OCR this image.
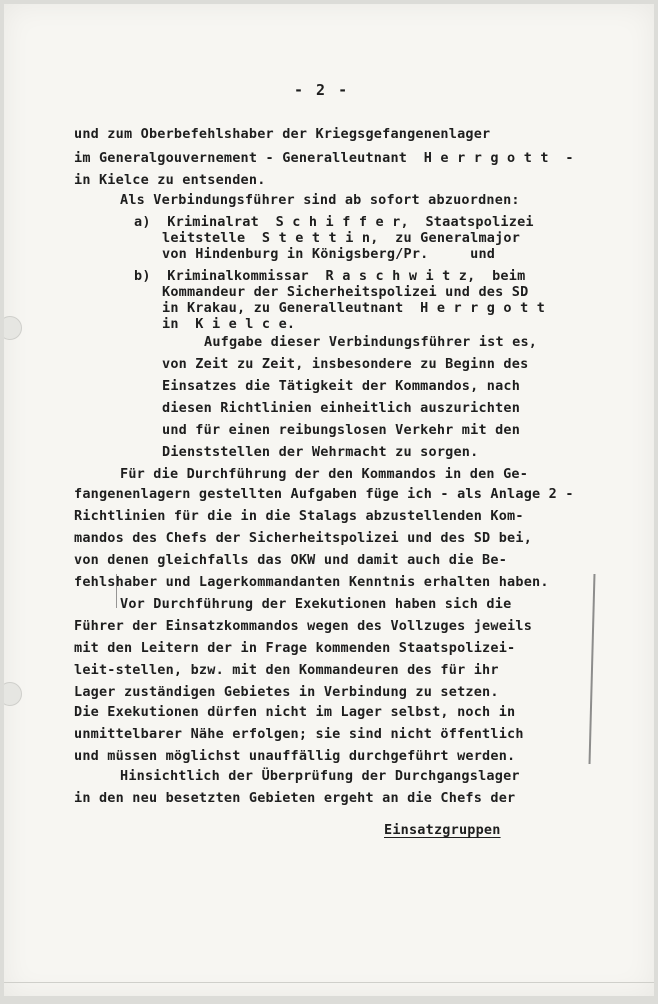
- 2 -
und zum Oberbefehlshaber der Kriegsgefangenenlager
im Generalgouvernement - Generalleutnant  H e r r g o t t  -
in Kielce zu entsenden.
Als Verbindungsführer sind ab sofort abzuordnen:
a)  Kriminalrat  S c h i f f e r,  Staatspolizei
leitstelle  S t e t t i n,  zu Generalmajor
von Hindenburg in Königsberg/Pr.     und
b)  Kriminalkommissar  R a s c h w i t z,  beim
Kommandeur der Sicherheitspolizei und des SD
in Krakau, zu Generalleutnant  H e r r g o t t
in  K i e l c e.
Aufgabe dieser Verbindungsführer ist es,
von Zeit zu Zeit, insbesondere zu Beginn des
Einsatzes die Tätigkeit der Kommandos, nach
diesen Richtlinien einheitlich auszurichten
und für einen reibungslosen Verkehr mit den
Dienststellen der Wehrmacht zu sorgen.
Für die Durchführung der den Kommandos in den Ge-
fangenenlagern gestellten Aufgaben füge ich - als Anlage 2 -
Richtlinien für die in die Stalags abzustellenden Kom-
mandos des Chefs der Sicherheitspolizei und des SD bei,
von denen gleichfalls das OKW und damit auch die Be-
fehlshaber und Lagerkommandanten Kenntnis erhalten haben.
Vor Durchführung der Exekutionen haben sich die
Führer der Einsatzkommandos wegen des Vollzuges jeweils
mit den Leitern der in Frage kommenden Staatspolizei-
leit-stellen, bzw. mit den Kommandeuren des für ihr
Lager zuständigen Gebietes in Verbindung zu setzen.
Die Exekutionen dürfen nicht im Lager selbst, noch in
unmittelbarer Nähe erfolgen; sie sind nicht öffentlich
und müssen möglichst unauffällig durchgeführt werden.
Hinsichtlich der Überprüfung der Durchgangslager
in den neu besetzten Gebieten ergeht an die Chefs der
Einsatzgruppen
